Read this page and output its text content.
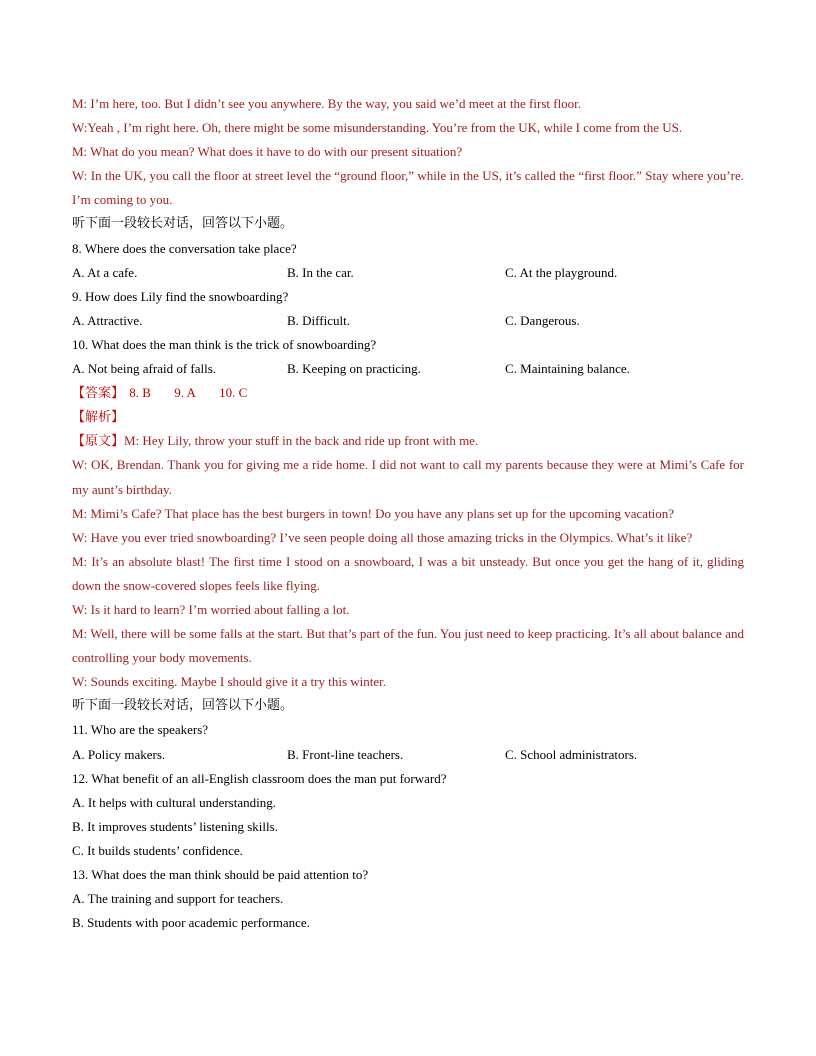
M: I’m here, too. But I didn’t see you anywhere. By the way, you said we’d meet at the first floor.
W:Yeah , I’m right here. Oh, there might be some misunderstanding. You’re from the UK, while I come from the US.
M: What do you mean? What does it have to do with our present situation?
W: In the UK, you call the floor at street level the “ground floor,” while in the US, it’s called the “first floor.” Stay where you’re. I’m coming to you.
听下面一段较长对话，回答以下小题。
8. Where does the conversation take place?
A. At a cafe.	B. In the car.	C. At the playground.
9. How does Lily find the snowboarding?
A. Attractive.	B. Difficult.	C. Dangerous.
10. What does the man think is the trick of snowboarding?
A. Not being afraid of falls.	B. Keeping on practicing.	C. Maintaining balance.
【答案】 8. B 9. A 10. C
【解析】
【原文】M: Hey Lily, throw your stuff in the back and ride up front with me.
W: OK, Brendan. Thank you for giving me a ride home. I did not want to call my parents because they were at Mimi’s Cafe for my aunt’s birthday.
M: Mimi’s Cafe? That place has the best burgers in town! Do you have any plans set up for the upcoming vacation?
W: Have you ever tried snowboarding? I’ve seen people doing all those amazing tricks in the Olympics. What’s it like?
M: It’s an absolute blast! The first time I stood on a snowboard, I was a bit unsteady. But once you get the hang of it, gliding down the snow-covered slopes feels like flying.
W: Is it hard to learn? I’m worried about falling a lot.
M: Well, there will be some falls at the start. But that’s part of the fun. You just need to keep practicing. It’s all about balance and controlling your body movements.
W: Sounds exciting. Maybe I should give it a try this winter.
听下面一段较长对话，回答以下小题。
11. Who are the speakers?
A. Policy makers.	B. Front-line teachers.	C. School administrators.
12. What benefit of an all-English classroom does the man put forward?
A. It helps with cultural understanding.
B. It improves students’ listening skills.
C. It builds students’ confidence.
13. What does the man think should be paid attention to?
A. The training and support for teachers.
B. Students with poor academic performance.
